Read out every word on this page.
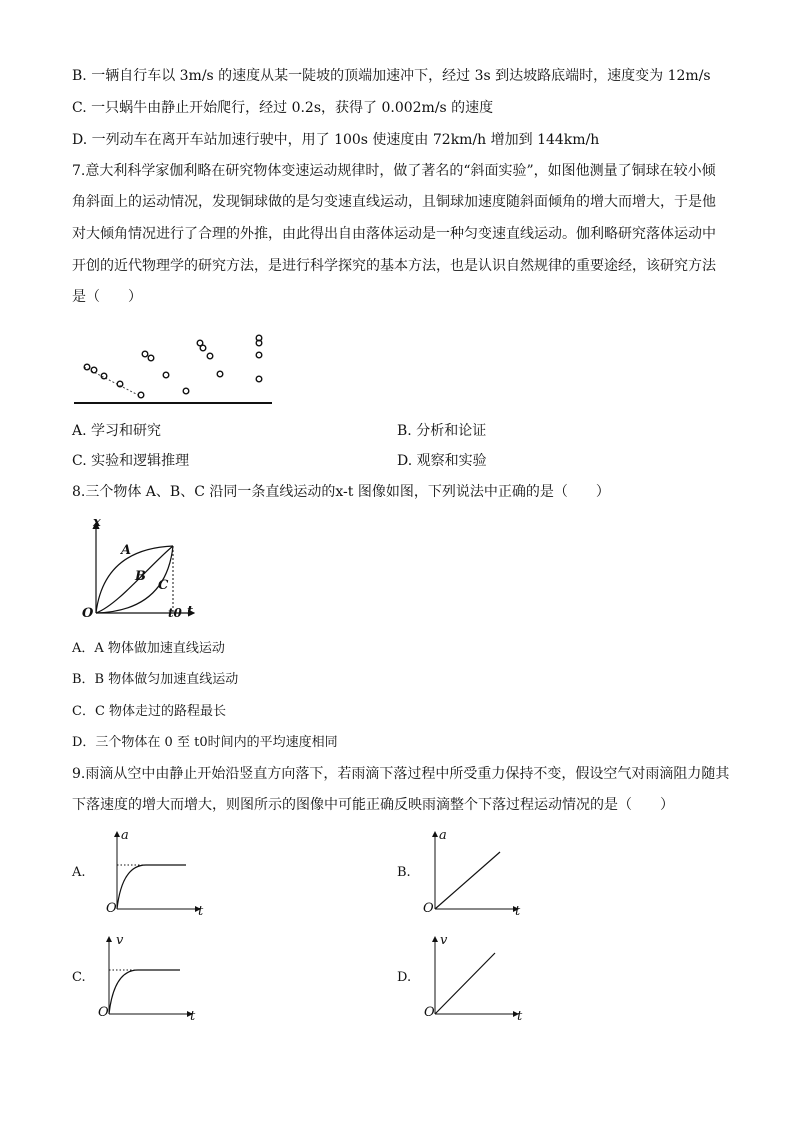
B. 一辆自行车以 3m/s 的速度从某一陡坡的顶端加速冲下，经过 3s 到达坡路底端时，速度变为 12m/s
C. 一只蜗牛由静止开始爬行，经过 0.2s，获得了 0.002m/s 的速度
D. 一列动车在离开车站加速行驶中，用了 100s 使速度由 72km/h 增加到 144km/h
7.意大利科学家伽利略在研究物体变速运动规律时，做了著名的“斜面实验”，如图他测量了铜球在较小倾
角斜面上的运动情况，发现铜球做的是匀变速直线运动，且铜球加速度随斜面倾角的增大而增大，于是他
对大倾角情况进行了合理的外推，由此得出自由落体运动是一种匀变速直线运动。伽利略研究落体运动中
开创的近代物理学的研究方法，是进行科学探究的基本方法，也是认识自然规律的重要途经，该研究方法
是（　　）
A. 学习和研究	B. 分析和论证
C. 实验和逻辑推理	D. 观察和实验
8.三个物体 A、B、C 沿同一条直线运动的x-t 图像如图，下列说法中正确的是（　　）
x
O	t0 t
A
B
C
A．A 物体做加速直线运动
B．B 物体做匀加速直线运动
C．C 物体走过的路程最长
D．三个物体在 0 至 t0时间内的平均速度相同
9.雨滴从空中由静止开始沿竖直方向落下，若雨滴下落过程中所受重力保持不变，假设空气对雨滴阻力随其
下落速度的增大而增大，则图所示的图像中可能正确反映雨滴整个下落过程运动情况的是（　　）
A.	B.
C.	D.
a
O	t
a
O	t
v
O	t
v
O	t
